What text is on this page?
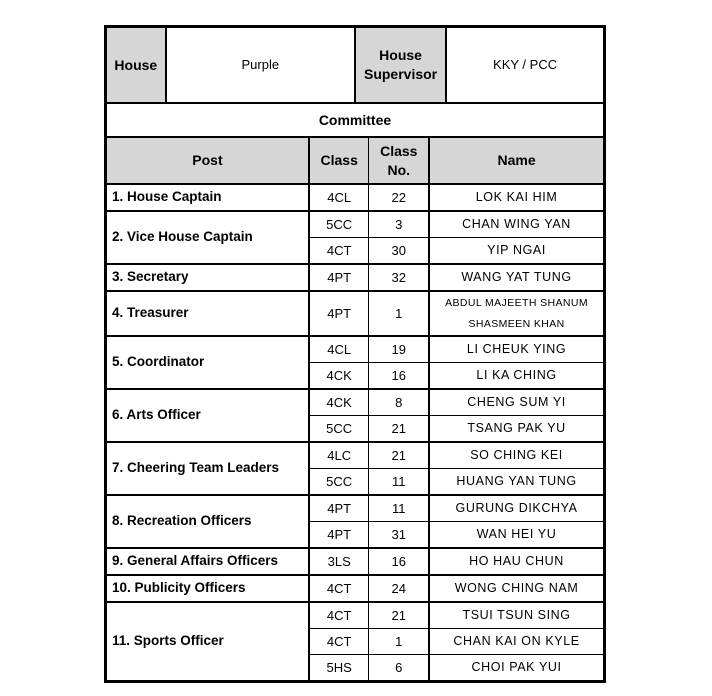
House	Purple		House Supervisor			KKY / PCC
Committee						
Post		Class		Class No.	Name	
1. House Captain		4CL		22	LOK KAI HIM	
2. Vice House Captain		5CC		3	CHAN WING YAN	
		4CT		30	YIP NGAI	
3. Secretary		4PT		32	WANG YAT TUNG	
4. Treasurer		4PT		1	ABDUL MAJEETH SHANUM SHASMEEN KHAN	
5. Coordinator		4CL		19	LI CHEUK YING	
		4CK		16	LI KA CHING	
6. Arts Officer		4CK		8	CHENG SUM YI	
		5CC		21	TSANG PAK YU	
7. Cheering Team Leaders		4LC		21	SO CHING KEI	
		5CC		11	HUANG YAN TUNG	
8. Recreation Officers		4PT		11	GURUNG DIKCHYA	
		4PT		31	WAN HEI YU	
9. General Affairs Officers		3LS		16	HO HAU CHUN	
10. Publicity Officers		4CT		24	WONG CHING NAM	
11. Sports Officer		4CT		21	TSUI TSUN SING	
		4CT		1	CHAN KAI ON KYLE	
		5HS		6	CHOI PAK YUI	
